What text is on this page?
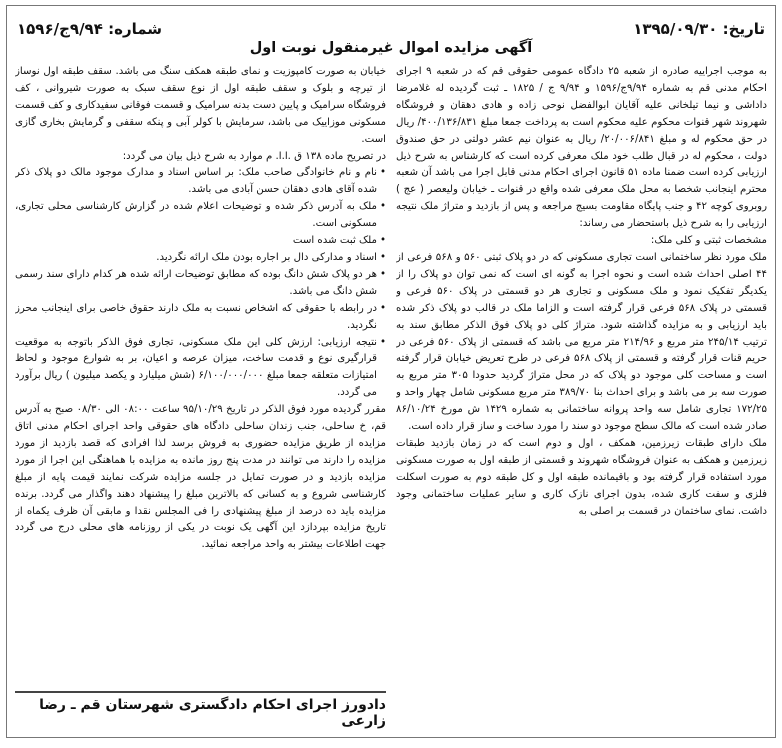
تاریخ: ۱۳۹۵/۰۹/۳۰
شماره: ۹/۹۴ج/۱۵۹۶
آگهی مزایده اموال غیرمنقول نوبت اول

به موجب اجراییه صادره از شعبه ۲۵ دادگاه عمومی حقوقی قم که در شعبه ۹ اجرای احکام مدنی قم به شماره ۹/۹۴ج/۱۵۹۶ و ۹/۹۴ ج / ۱۸۲۵ ـ ثبت گردیده له غلامرضا داداشی و نیما تیلخانی علیه آقایان ابوالفضل نوحی زاده و هادی دهقان و فروشگاه شهروند شهر قنوات محکوم علیه محکوم است به پرداخت جمعا مبلغ ۴۰۰/۱۳۶/۸۳۱/ ریال در حق محکوم له و مبلغ ۲۰/۰۰۶/۸۴۱/ ریال به عنوان نیم عشر دولتی در حق صندوق دولت ، محکوم له در قبال طلب خود ملک معرفی کرده است که کارشناس به شرح ذیل ارزیابی کرده است ضمنا ماده ۵۱ قانون اجرای احکام مدنی قابل اجرا می باشد آن شعبه محترم اینجانب شخصا به محل ملک معرفی شده واقع در قنوات ـ خیابان ولیعصر ( عج ) روبروی کوچه ۴۲ و جنب پایگاه مقاومت بسیج مراجعه و پس از بازدید و متراژ ملک نتیجه ارزیابی را به شرح ذیل باستحضار می رساند:

مشخصات ثبتی و کلی ملک:

ملک مورد نظر ساختمانی است تجاری مسکونی که در دو پلاک ثبتی ۵۶۰ و ۵۶۸ فرعی از ۴۴ اصلی احداث شده است و نحوه اجرا به گونه ای است که نمی توان دو پلاک را از یکدیگر تفکیک نمود و ملک مسکونی و تجاری هر دو قسمتی در پلاک ۵۶۰ فرعی و قسمتی در پلاک ۵۶۸ فرعی قرار گرفته است و الزاما ملک در قالب دو پلاک ذکر شده باید ارزیابی و به مزایده گذاشته شود. متراژ کلی دو پلاک فوق الذکر مطابق سند به ترتیب ۲۴۵/۱۴ متر مربع و ۲۱۴/۹۶ متر مربع می باشد که قسمتی از پلاک ۵۶۰ فرعی در حریم قنات قرار گرفته و قسمتی از پلاک ۵۶۸ فرعی در طرح تعریض خیابان قرار گرفته است و مساحت کلی موجود دو پلاک که در محل متراژ گردید حدودا ۳۰۵ متر مربع به صورت سه بر می باشد و برای احداث بنا ۳۸۹/۷۰ متر مربع مسکونی شامل چهار واحد و ۱۷۲/۲۵ تجاری شامل سه واحد پروانه ساختمانی به شماره ۱۴۲۹ ش مورخ ۸۶/۱۰/۲۴ صادر شده است که مالک سطح موجود دو سند را مورد ساخت و ساز قرار داده است.

ملک دارای طبقات زیرزمین، همکف ، اول و دوم است که در زمان بازدید طبقات زیرزمین و همکف به عنوان فروشگاه شهروند و قسمتی از طبقه اول به صورت مسکونی مورد استفاده قرار گرفته بود و باقیمانده طبقه اول و کل طبقه دوم به صورت اسکلت فلزی و سفت کاری شده، بدون اجرای نازک کاری و سایر عملیات ساختمانی وجود داشت. نمای ساختمان در قسمت بر اصلی به

خیابان به صورت کامپوزیت و نمای طبقه همکف سنگ می باشد. سقف طبقه اول نوساز از تیرچه و بلوک و سقف طبقه اول از نوع سقف سبک به صورت شیروانی ، کف فروشگاه سرامیک و پایین دست بدنه سرامیک و قسمت فوقانی سفیدکاری و کف قسمت مسکونی موزاییک می باشد، سرمایش با کولر آبی و پنکه سقفی و گرمایش بخاری گازی است.

در تصریح ماده ۱۳۸ ق .ا.ا. م موارد به شرح ذیل بیان می گردد:

• نام و نام خانوادگی صاحب ملک: بر اساس اسناد و مدارک موجود مالک دو پلاک ذکر شده آقای هادی دهقان حسن آبادی می باشد.
• ملک به آدرس ذکر شده و توضیحات اعلام شده در گزارش کارشناسی محلی تجاری، مسکونی است.
• ملک ثبت شده است
• اسناد و مدارکی دال بر اجاره بودن ملک ارائه نگردید.
• هر دو پلاک شش دانگ بوده که مطابق توضیحات ارائه شده هر کدام دارای سند رسمی شش دانگ می باشد.
• در رابطه با حقوقی که اشخاص نسبت به ملک دارند حقوق خاصی برای اینجانب محرز نگردید.
• نتیجه ارزیابی: ارزش کلی این ملک مسکونی، تجاری فوق الذکر باتوجه به موقعیت قرارگیری نوع و قدمت ساخت، میزان عرصه و اعیان، بر به شوارع موجود و لحاظ امتیازات متعلقه جمعا مبلغ ۶/۱۰۰/۰۰۰/۰۰۰ (شش میلیارد و یکصد میلیون ) ریال برآورد می گردد.

مقرر گردیده مورد فوق الذکر در تاریخ ۹۵/۱۰/۲۹ ساعت ۰۸:۰۰ الی ۰۸/۳۰ صبح به آدرس قم، خ ساحلی، جنب زندان ساحلی دادگاه های حقوقی واحد اجرای احکام مدنی اتاق مزایده از طریق مزایده حضوری به فروش برسد لذا افرادی که قصد بازدید از مورد مزایده را دارند می توانند در مدت پنج روز مانده به مزایده با هماهنگی این اجرا از مورد مزایده بازدید و در صورت تمایل در جلسه مزایده شرکت نمایند قیمت پایه از مبلغ کارشناسی شروع و به کسانی که بالاترین مبلغ را پیشنهاد دهند واگذار می گردد. برنده مزایده باید ده درصد از مبلغ پیشنهادی را فی المجلس نقدا و مابقی آن ظرف یکماه از تاریخ مزایده بپردازد این آگهی یک نوبت در یکی از روزنامه های محلی درج می گردد جهت اطلاعات بیشتر به واحد مراجعه نمائید.

دادورز اجرای احکام دادگستری شهرستان قم ـ رضا زارعی
